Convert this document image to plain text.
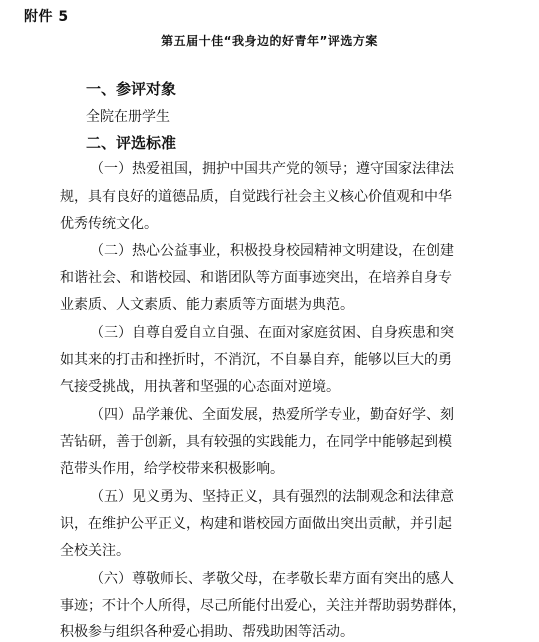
附件 5
第五届十佳“我身边的好青年”评选方案
一、参评对象
全院在册学生
二、评选标准
（一）热爱祖国，拥护中国共产党的领导；遵守国家法律法
规，具有良好的道德品质，自觉践行社会主义核心价值观和中华
优秀传统文化。
（二）热心公益事业，积极投身校园精神文明建设，在创建
和谐社会、和谐校园、和谐团队等方面事迹突出，在培养自身专
业素质、人文素质、能力素质等方面堪为典范。
（三）自尊自爱自立自强、在面对家庭贫困、自身疾患和突
如其来的打击和挫折时，不消沉，不自暴自弃，能够以巨大的勇
气接受挑战，用执著和坚强的心态面对逆境。
（四）品学兼优、全面发展，热爱所学专业，勤奋好学、刻
苦钻研，善于创新，具有较强的实践能力，在同学中能够起到模
范带头作用，给学校带来积极影响。
（五）见义勇为、坚持正义，具有强烈的法制观念和法律意
识，在维护公平正义，构建和谐校园方面做出突出贡献，并引起
全校关注。
（六）尊敬师长、孝敬父母，在孝敬长辈方面有突出的感人
事迹；不计个人所得，尽己所能付出爱心，关注并帮助弱势群体，
积极参与组织各种爱心捐助、帮残助困等活动。
